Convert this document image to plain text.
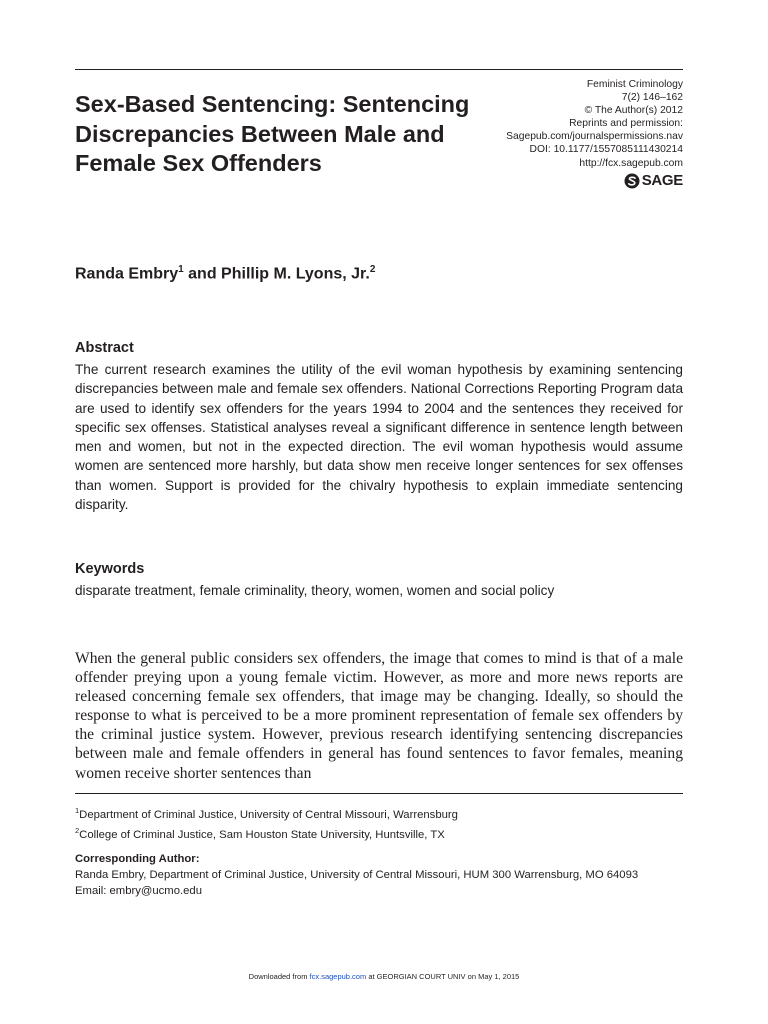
Sex-Based Sentencing: Sentencing Discrepancies Between Male and Female Sex Offenders
Feminist Criminology
7(2) 146–162
© The Author(s) 2012
Reprints and permission:
Sagepub.com/journalspermissions.nav
DOI: 10.1177/1557085111430214
http://fcx.sagepub.com
SAGE

Randa Embry$^1$ and Phillip M. Lyons, Jr.$^2$

Abstract

The current research examines the utility of the evil woman hypothesis by examining sentencing discrepancies between male and female sex offenders. National Corrections Reporting Program data are used to identify sex offenders for the years 1994 to 2004 and the sentences they received for specific sex offenses. Statistical analyses reveal a significant difference in sentence length between men and women, but not in the expected direction. The evil woman hypothesis would assume women are sentenced more harshly, but data show men receive longer sentences for sex offenses than women. Support is provided for the chivalry hypothesis to explain immediate sentencing disparity.

Keywords

disparate treatment, female criminality, theory, women, women and social policy

When the general public considers sex offenders, the image that comes to mind is that of a male offender preying upon a young female victim. However, as more and more news reports are released concerning female sex offenders, that image may be changing. Ideally, so should the response to what is perceived to be a more prominent representation of female sex offenders by the criminal justice system. However, previous research identifying sentencing discrepancies between male and female offenders in general has found sentences to favor females, meaning women receive shorter sentences than

$^1$Department of Criminal Justice, University of Central Missouri, Warrensburg
$^2$College of Criminal Justice, Sam Houston State University, Huntsville, TX
Corresponding Author:
Randa Embry, Department of Criminal Justice, University of Central Missouri, HUM 300 Warrensburg, MO 64093
Email: embry@ucmo.edu
Downloaded from fcx.sagepub.com at GEORGIAN COURT UNIV on May 1, 2015
